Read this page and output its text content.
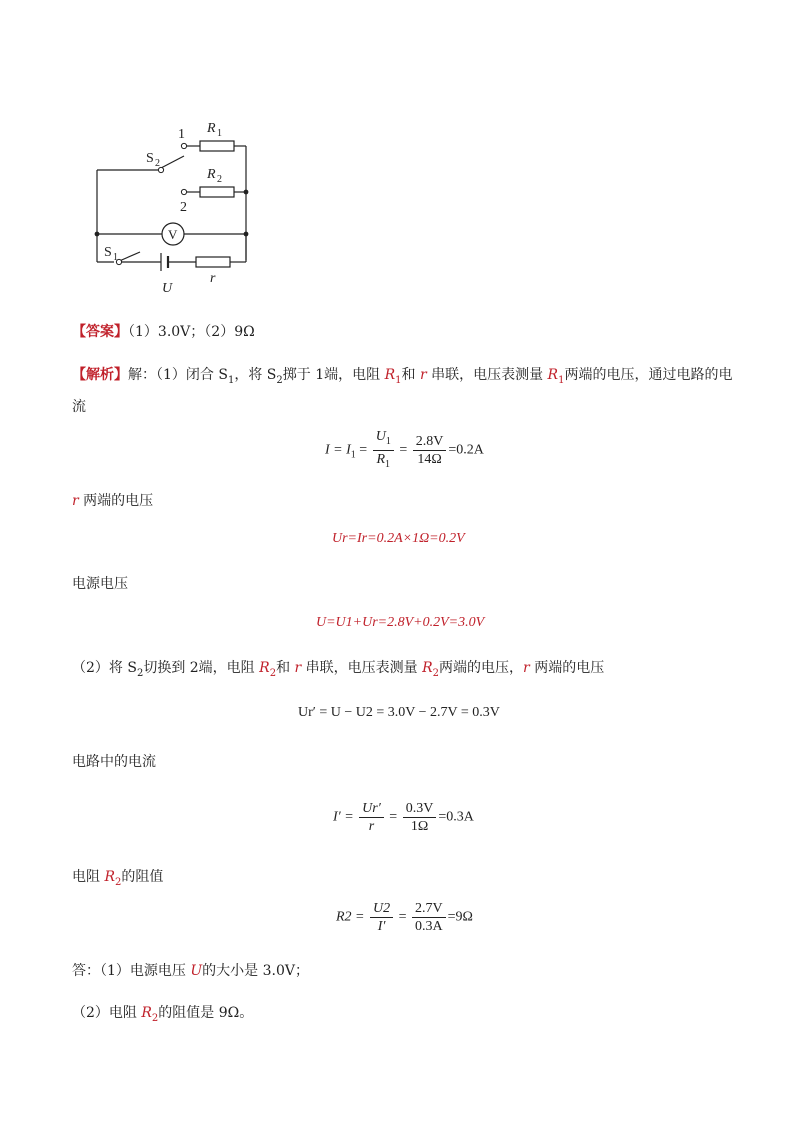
1
2
R 1
R 2
S 2
S 1
V
U
r
【答案】（1）3.0V；（2）9Ω
【解析】解：（1）闭合 $S_1$，将 $S_2$掷于 1端，电阻 $R_1$和 r 串联，电压表测量 $R_1$两端的电压，通过电路的电
流
$I = I_1 = \frac{U_1}{R_1} = \frac{2.8V}{14\Omega} =0.2A$
r 两端的电压
Ur=Ir=0.2A×1Ω=0.2V
电源电压
U=U1+Ur=2.8V+0.2V=3.0V
（2）将 $S_2$切换到 2端，电阻 $R_2$和 r 串联，电压表测量 $R_2$两端的电压，r 两端的电压
Ur′ = U − U2 = 3.0V − 2.7V = 0.3V
电路中的电流
$I' = \frac{Ur'}{r} = \frac{0.3V}{1\Omega} =0.3A$
电阻 $R_2$的阻值
$R2 = \frac{U2}{I'} = \frac{2.7V}{0.3A} =9\Omega$
答：（1）电源电压 U的大小是 3.0V；
（2）电阻 $R_2$的阻值是 9Ω。
